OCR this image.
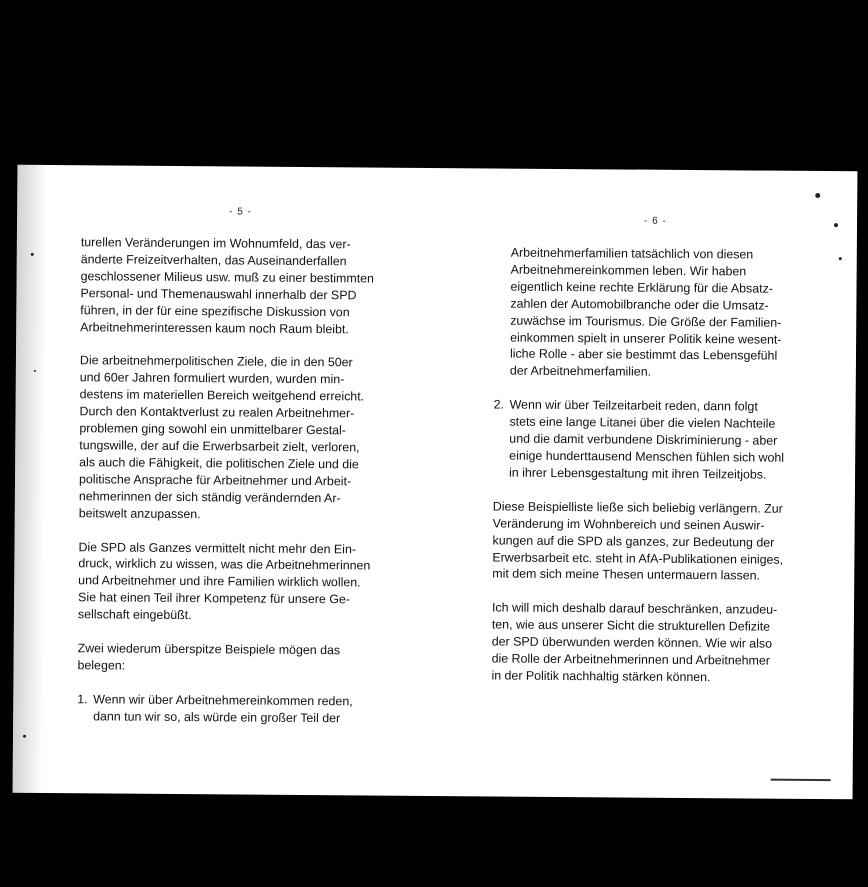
- 5 -
- 6 -

turellen Veränderungen im Wohnumfeld, das ver-
änderte Freizeitverhalten, das Auseinanderfallen
geschlossener Milieus usw. muß zu einer bestimmten
Personal- und Themenauswahl innerhalb der SPD
führen, in der für eine spezifische Diskussion von
Arbeitnehmerinteressen kaum noch Raum bleibt.

Die arbeitnehmerpolitischen Ziele, die in den 50er
und 60er Jahren formuliert wurden, wurden min-
destens im materiellen Bereich weitgehend erreicht.
Durch den Kontaktverlust zu realen Arbeitnehmer-
problemen ging sowohl ein unmittelbarer Gestal-
tungswille, der auf die Erwerbsarbeit zielt, verloren,
als auch die Fähigkeit, die politischen Ziele und die
politische Ansprache für Arbeitnehmer und Arbeit-
nehmerinnen der sich ständig verändernden Ar-
beitswelt anzupassen.

Die SPD als Ganzes vermittelt nicht mehr den Ein-
druck, wirklich zu wissen, was die Arbeitnehmerinnen
und Arbeitnehmer und ihre Familien wirklich wollen.
Sie hat einen Teil ihrer Kompetenz für unsere Ge-
sellschaft eingebüßt.

Zwei wiederum überspitze Beispiele mögen das
belegen:

1. Wenn wir über Arbeitnehmereinkommen reden,
dann tun wir so, als würde ein großer Teil der

Arbeitnehmerfamilien tatsächlich von diesen
Arbeitnehmereinkommen leben. Wir haben
eigentlich keine rechte Erklärung für die Absatz-
zahlen der Automobilbranche oder die Umsatz-
zuwächse im Tourismus. Die Größe der Familien-
einkommen spielt in unserer Politik keine wesent-
liche Rolle - aber sie bestimmt das Lebensgefühl
der Arbeitnehmerfamilien.

2. Wenn wir über Teilzeitarbeit reden, dann folgt
stets eine lange Litanei über die vielen Nachteile
und die damit verbundene Diskriminierung - aber
einige hunderttausend Menschen fühlen sich wohl
in ihrer Lebensgestaltung mit ihren Teilzeitjobs.

Diese Beispielliste ließe sich beliebig verlängern. Zur
Veränderung im Wohnbereich und seinen Auswir-
kungen auf die SPD als ganzes, zur Bedeutung der
Erwerbsarbeit etc. steht in AfA-Publikationen einiges,
mit dem sich meine Thesen untermauern lassen.

Ich will mich deshalb darauf beschränken, anzudeu-
ten, wie aus unserer Sicht die strukturellen Defizite
der SPD überwunden werden können. Wie wir also
die Rolle der Arbeitnehmerinnen und Arbeitnehmer
in der Politik nachhaltig stärken können.
